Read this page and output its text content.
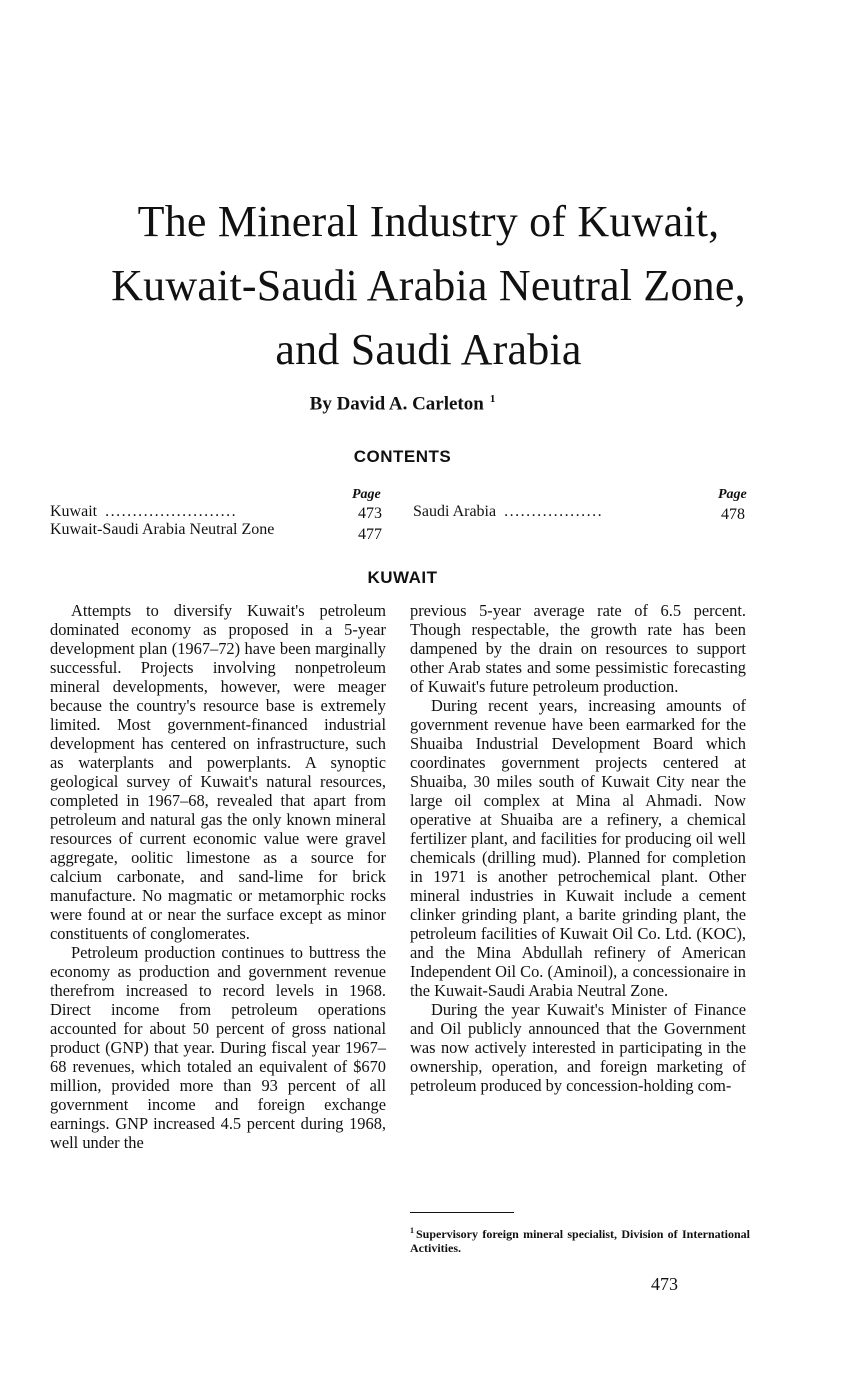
The Mineral Industry of Kuwait,
Kuwait-Saudi Arabia Neutral Zone,
and Saudi Arabia
By David A. Carleton $^1$
CONTENTS
Page	Page
Kuwait ........................	473
Kuwait-Saudi Arabia Neutral Zone	477
Saudi Arabia ..................	478
KUWAIT

Attempts to diversify Kuwait's petroleum dominated economy as proposed in a 5-year development plan (1967–72) have been marginally successful. Projects involving nonpetroleum mineral developments, however, were meager because the country's resource base is extremely limited. Most government-financed industrial development has centered on infrastructure, such as waterplants and powerplants. A synoptic geological survey of Kuwait's natural resources, completed in 1967–68, revealed that apart from petroleum and natural gas the only known mineral resources of current economic value were gravel aggregate, oolitic limestone as a source for calcium carbonate, and sand-lime for brick manufacture. No magmatic or metamorphic rocks were found at or near the surface except as minor constituents of conglomerates.

Petroleum production continues to buttress the economy as production and government revenue therefrom increased to record levels in 1968. Direct income from petroleum operations accounted for about 50 percent of gross national product (GNP) that year. During fiscal year 1967–68 revenues, which totaled an equivalent of $670 million, provided more than 93 percent of all government income and foreign exchange earnings. GNP increased 4.5 percent during 1968, well under the

previous 5-year average rate of 6.5 percent. Though respectable, the growth rate has been dampened by the drain on resources to support other Arab states and some pessimistic forecasting of Kuwait's future petroleum production.

During recent years, increasing amounts of government revenue have been earmarked for the Shuaiba Industrial Development Board which coordinates government projects centered at Shuaiba, 30 miles south of Kuwait City near the large oil complex at Mina al Ahmadi. Now operative at Shuaiba are a refinery, a chemical fertilizer plant, and facilities for producing oil well chemicals (drilling mud). Planned for completion in 1971 is another petrochemical plant. Other mineral industries in Kuwait include a cement clinker grinding plant, a barite grinding plant, the petroleum facilities of Kuwait Oil Co. Ltd. (KOC), and the Mina Abdullah refinery of American Independent Oil Co. (Aminoil), a concessionaire in the Kuwait-Saudi Arabia Neutral Zone.

During the year Kuwait's Minister of Finance and Oil publicly announced that the Government was now actively interested in participating in the ownership, operation, and foreign marketing of petroleum produced by concession-holding com-

$^1$ Supervisory foreign mineral specialist, Division of International Activities.
473
